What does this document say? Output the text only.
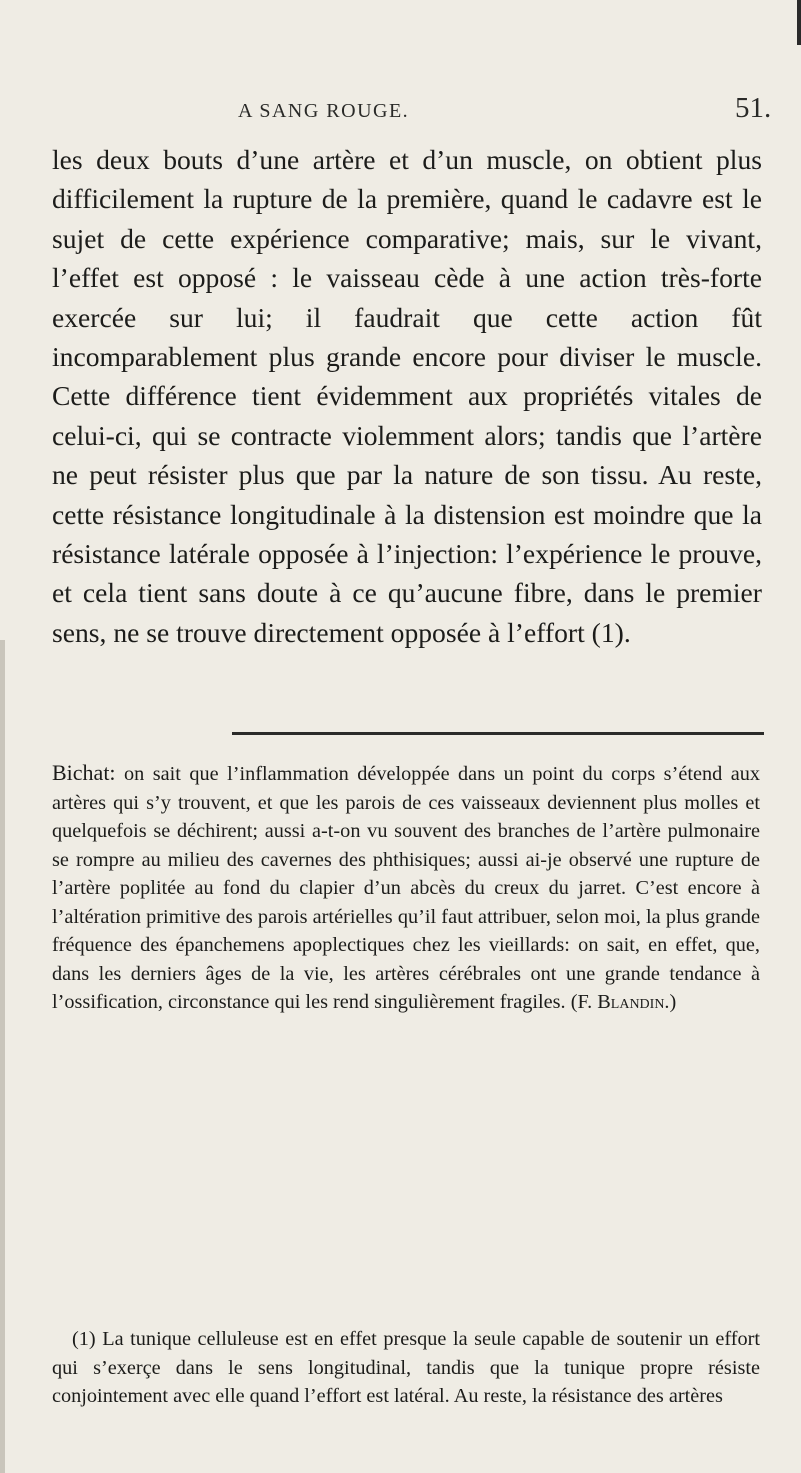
A SANG ROUGE.	51.

les deux bouts d’une artère et d’un muscle, on obtient plus difficilement la rupture de la première, quand le cadavre est le sujet de cette expérience comparative; mais, sur le vivant, l’effet est opposé : le vaisseau cède à une action très-forte exercée sur lui; il faudrait que cette action fût incomparablement plus grande encore pour diviser le muscle. Cette différence tient évidemment aux propriétés vitales de celui-ci, qui se contracte violemment alors; tandis que l’artère ne peut résister plus que par la nature de son tissu. Au reste, cette résistance longitudinale à la distension est moindre que la résistance latérale opposée à l’injection: l’expérience le prouve, et cela tient sans doute à ce qu’aucune fibre, dans le premier sens, ne se trouve directement opposée à l’effort (1).

Bichat: on sait que l’inflammation développée dans un point du corps s’étend aux artères qui s’y trouvent, et que les parois de ces vaisseaux deviennent plus molles et quelquefois se déchirent; aussi a-t-on vu souvent des branches de l’artère pulmonaire se rompre au milieu des cavernes des phthisiques; aussi ai-je observé une rupture de l’artère poplitée au fond du clapier d’un abcès du creux du jarret. C’est encore à l’altération primitive des parois artérielles qu’il faut attribuer, selon moi, la plus grande fréquence des épanchemens apoplectiques chez les vieillards: on sait, en effet, que, dans les derniers âges de la vie, les artères cérébrales ont une grande tendance à l’ossification, circonstance qui les rend singulièrement fragiles. (F. Blandin.)

(1) La tunique celluleuse est en effet presque la seule capable de soutenir un effort qui s’exerçe dans le sens longitudinal, tandis que la tunique propre résiste conjointement avec elle quand l’effort est latéral. Au reste, la résistance des artères
